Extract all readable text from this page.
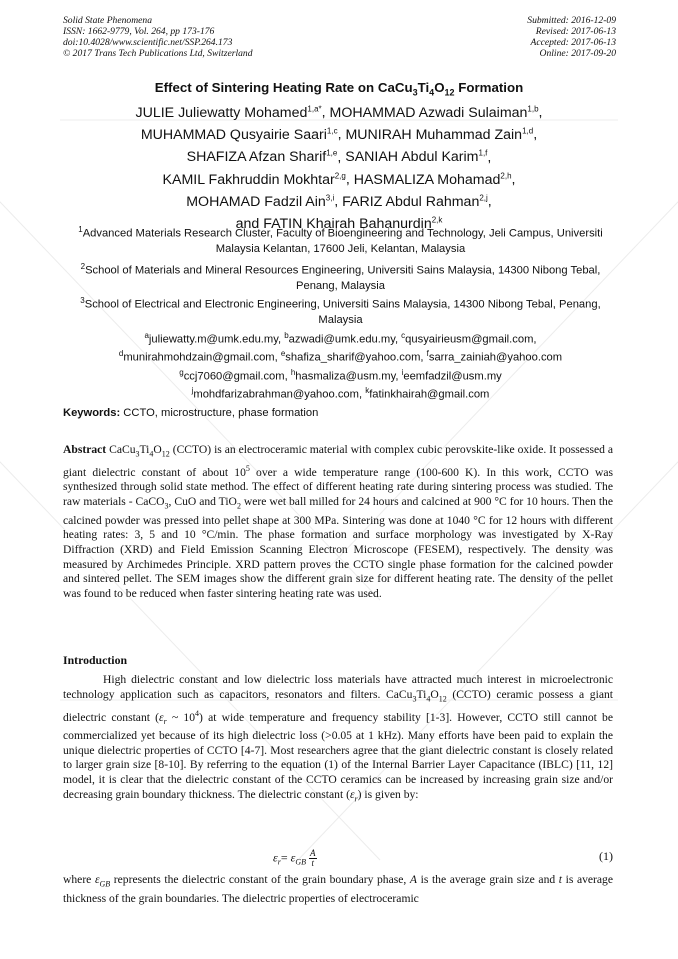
Solid State Phenomena
ISSN: 1662-9779, Vol. 264, pp 173-176
doi:10.4028/www.scientific.net/SSP.264.173
© 2017 Trans Tech Publications Ltd, Switzerland
Submitted: 2016-12-09
Revised: 2017-06-13
Accepted: 2017-06-13
Online: 2017-09-20
Effect of Sintering Heating Rate on $CaCu_3Ti_4O_{12}$ Formation
JULIE Juliewatty Mohamed$^{1,a*}$, MOHAMMAD Azwadi Sulaiman$^{1,b}$,
MUHAMMAD Qusyairie Saari$^{1,c}$, MUNIRAH Muhammad Zain$^{1,d}$,
SHAFIZA Afzan Sharif$^{1,e}$, SANIAH Abdul Karim$^{1,f}$,
KAMIL Fakhruddin Mokhtar$^{2,g}$, HASMALIZA Mohamad$^{2,h}$,
MOHAMAD Fadzil Ain$^{3,i}$, FARIZ Abdul Rahman$^{2,j}$,
and FATIN Khairah Bahanurdin$^{2,k}$
$^1$Advanced Materials Research Cluster, Faculty of Bioengineering and Technology, Jeli Campus, Universiti Malaysia Kelantan, 17600 Jeli, Kelantan, Malaysia
$^2$School of Materials and Mineral Resources Engineering, Universiti Sains Malaysia, 14300 Nibong Tebal, Penang, Malaysia
$^3$School of Electrical and Electronic Engineering, Universiti Sains Malaysia, 14300 Nibong Tebal, Penang, Malaysia
$^a$juliewatty.m@umk.edu.my, $^b$azwadi@umk.edu.my, $^c$qusyairieusm@gmail.com,
$^d$munirahmohdzain@gmail.com, $^e$shafiza_sharif@yahoo.com, $^f$sarra_zainiah@yahoo.com
$^g$ccj7060@gmail.com, $^h$hasmaliza@usm.my, $^i$eemfadzil@usm.my
$^j$mohdfarizabrahman@yahoo.com, $^k$fatinkhairah@gmail.com
Keywords: CCTO, microstructure, phase formation
Abstract $CaCu_3Ti_4O_{12}$ (CCTO) is an electroceramic material with complex cubic perovskite-like oxide. It possessed a giant dielectric constant of about $10^5$ over a wide temperature range (100-600 K). In this work, CCTO was synthesized through solid state method. The effect of different heating rate during sintering process was studied. The raw materials - CaCO$_3$, CuO and TiO$_2$ were wet ball milled for 24 hours and calcined at 900 °C for 10 hours. Then the calcined powder was pressed into pellet shape at 300 MPa. Sintering was done at 1040 °C for 12 hours with different heating rates: 3, 5 and 10 °C/min. The phase formation and surface morphology was investigated by X-Ray Diffraction (XRD) and Field Emission Scanning Electron Microscope (FESEM), respectively. The density was measured by Archimedes Principle. XRD pattern proves the CCTO single phase formation for the calcined powder and sintered pellet. The SEM images show the different grain size for different heating rate. The density of the pellet was found to be reduced when faster sintering heating rate was used.
Introduction
High dielectric constant and low dielectric loss materials have attracted much interest in microelectronic technology application such as capacitors, resonators and filters. $CaCu_3Ti_4O_{12}$ (CCTO) ceramic possess a giant dielectric constant ($\varepsilon_r$ ~ $10^4$) at wide temperature and frequency stability [1-3]. However, CCTO still cannot be commercialized yet because of its high dielectric loss (>0.05 at 1 kHz). Many efforts have been paid to explain the unique dielectric properties of CCTO [4-7]. Most researchers agree that the giant dielectric constant is closely related to larger grain size [8-10]. By referring to the equation (1) of the Internal Barrier Layer Capacitance (IBLC) [11, 12] model, it is clear that the dielectric constant of the CCTO ceramics can be increased by increasing grain size and/or decreasing grain boundary thickness. The dielectric constant $(\varepsilon_r)$ is given by:
$\varepsilon_r= \varepsilon_{GB} \frac{A}{t}$	(1)
where $\varepsilon_{GB}$ represents the dielectric constant of the grain boundary phase, A is the average grain size and t is average thickness of the grain boundaries. The dielectric properties of electroceramic
